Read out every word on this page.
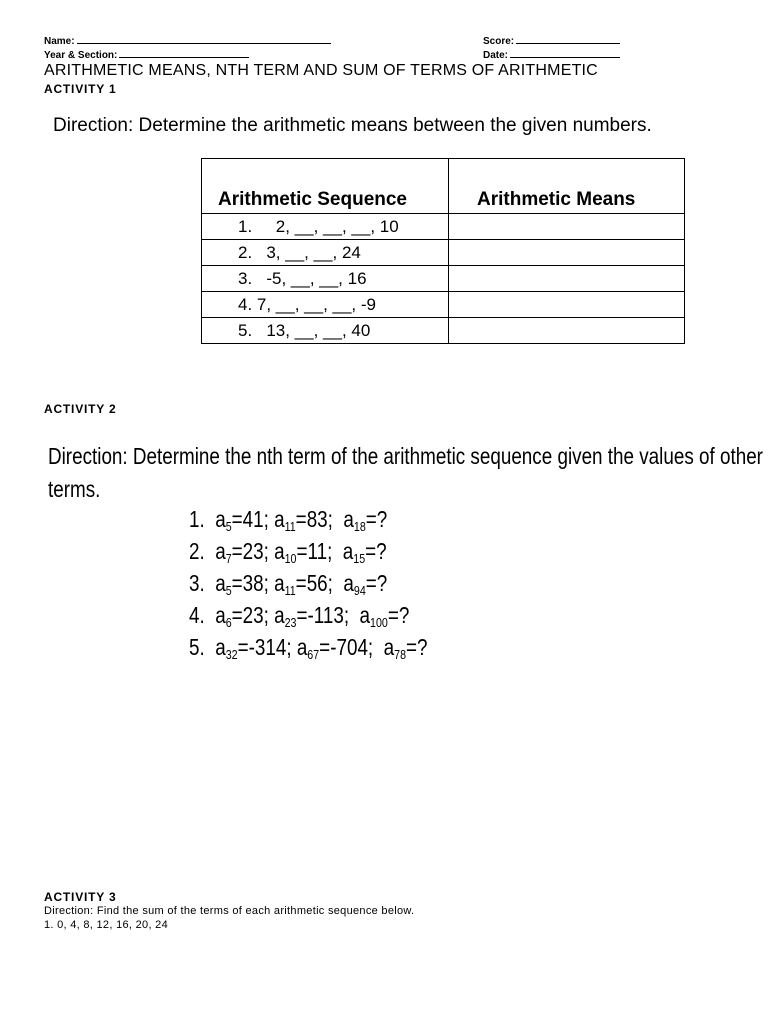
Name:	Score:
Year & Section:	Date:
ARITHMETIC MEANS, NTH TERM AND SUM OF TERMS OF ARITHMETIC
ACTIVITY 1
Direction: Determine the arithmetic means between the given numbers.
Arithmetic Sequence	Arithmetic Means
1.     2, __, __, __, 10	
2.   3, __, __, 24	
3.   -5, __, __, 16	
4. 7, __, __, __, -9	
5.   13, __, __, 40	
ACTIVITY 2
Direction: Determine the nth term of the arithmetic sequence given the values of other
terms.
1. $a_5=41$; $a_{11}=83$;  $a_{18}=$?
2. $a_7=23$; $a_{10}=11$;  $a_{15}=$?
3. $a_5=38$; $a_{11}=56$;  $a_{94}=$?
4. $a_6=23$; $a_{23}=-113$;  $a_{100}=$?
5. $a_{32}=-314$; $a_{67}=-704$;  $a_{78}=$?
ACTIVITY 3
Direction: Find the sum of the terms of each arithmetic sequence below.
1. 0, 4, 8, 12, 16, 20, 24
